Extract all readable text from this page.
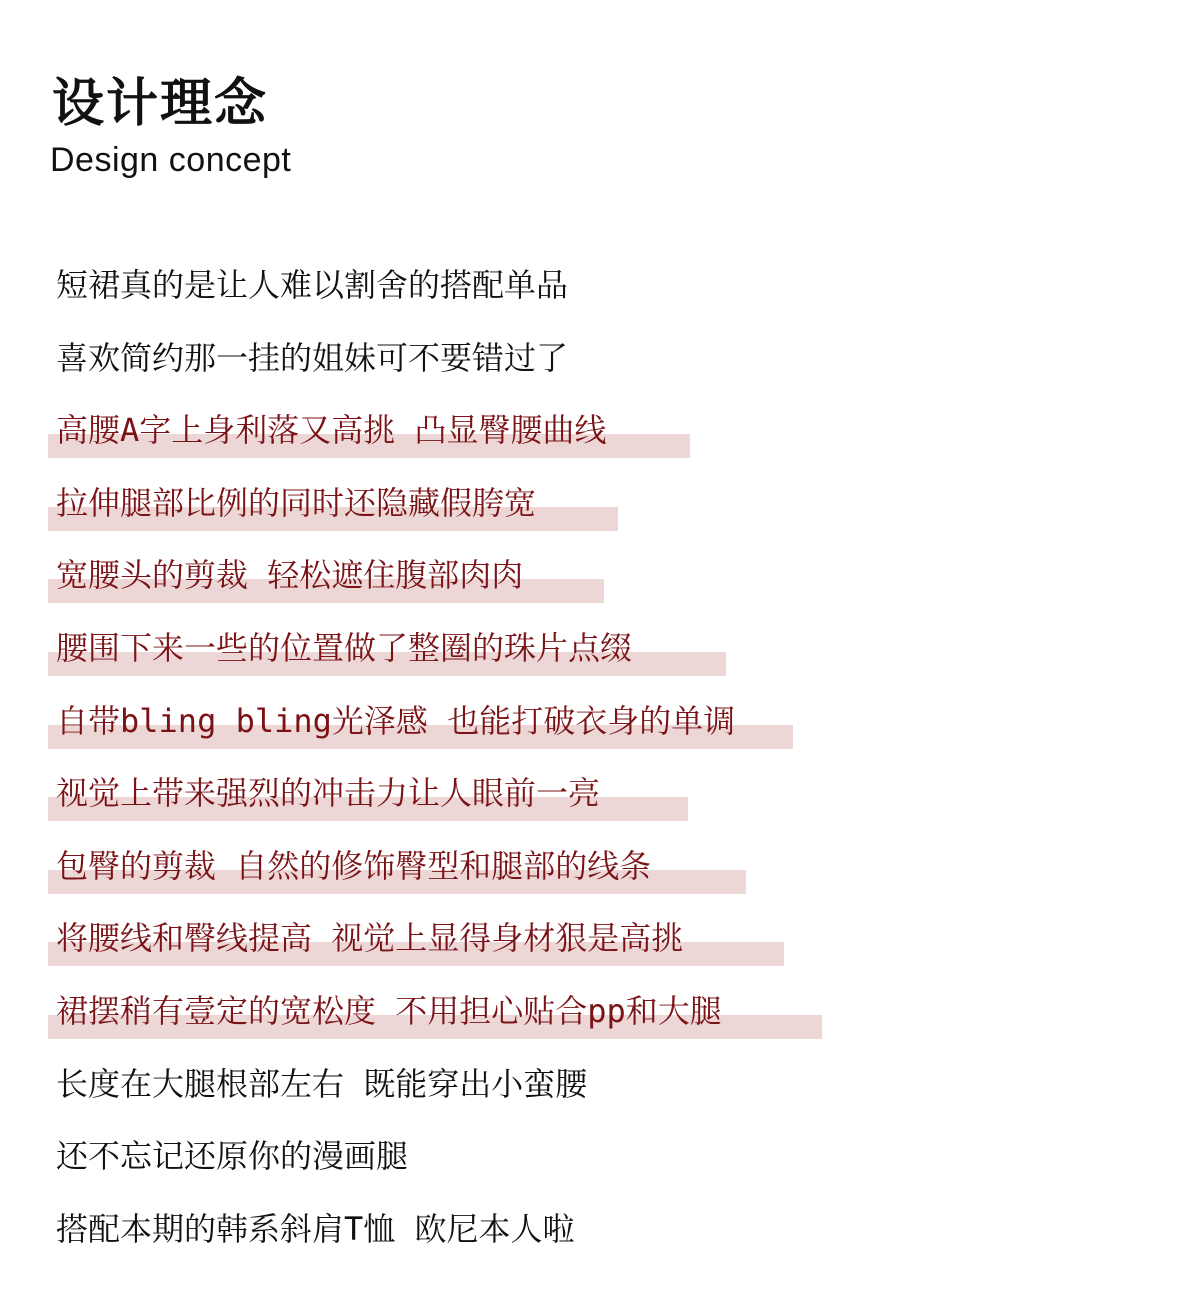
设计理念
Design concept
短裙真的是让人难以割舍的搭配单品
喜欢简约那一挂的姐妹可不要错过了
高腰A字上身利落又高挑 凸显臀腰曲线
拉伸腿部比例的同时还隐藏假胯宽
宽腰头的剪裁 轻松遮住腹部肉肉
腰围下来一些的位置做了整圈的珠片点缀
自带bling bling光泽感 也能打破衣身的单调
视觉上带来强烈的冲击力让人眼前一亮
包臀的剪裁 自然的修饰臀型和腿部的线条
将腰线和臀线提高 视觉上显得身材狠是高挑
裙摆稍有壹定的宽松度 不用担心贴合pp和大腿
长度在大腿根部左右 既能穿出小蛮腰
还不忘记还原你的漫画腿
搭配本期的韩系斜肩T恤 欧尼本人啦
